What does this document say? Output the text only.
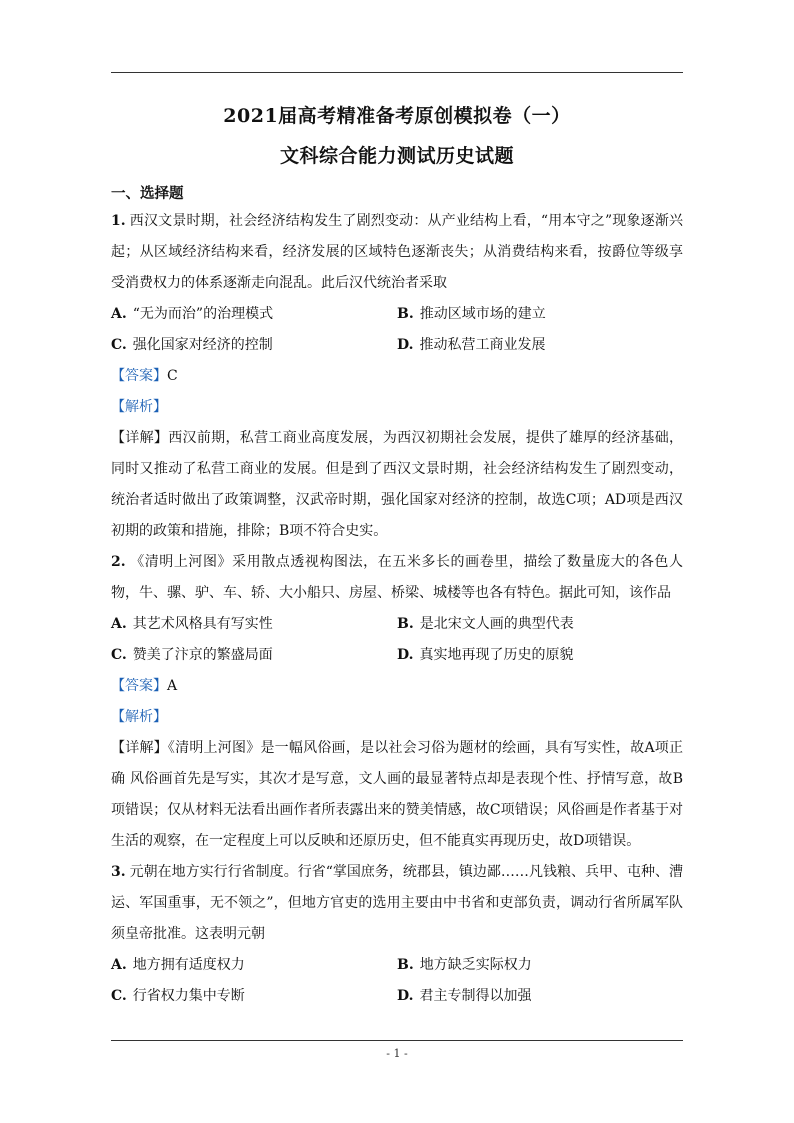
2021届高考精准备考原创模拟卷（一）
文科综合能力测试历史试题
一、选择题

1. 西汉文景时期，社会经济结构发生了剧烈变动：从产业结构上看，“用本守之”现象逐渐兴起；从区域经济结构来看，经济发展的区域特色逐渐丧失；从消费结构来看，按爵位等级享受消费权力的体系逐渐走向混乱。此后汉代统治者采取

A. “无为而治”的治理模式	B. 推动区域市场的建立
C. 强化国家对经济的控制	D. 推动私营工商业发展

【答案】C

【解析】

【详解】西汉前期，私营工商业高度发展，为西汉初期社会发展，提供了雄厚的经济基础，同时又推动了私营工商业的发展。但是到了西汉文景时期，社会经济结构发生了剧烈变动，统治者适时做出了政策调整，汉武帝时期，强化国家对经济的控制，故选C项；AD项是西汉初期的政策和措施，排除；B项不符合史实。

2. 《清明上河图》采用散点透视构图法，在五米多长的画卷里，描绘了数量庞大的各色人物，牛、骡、驴、车、轿、大小船只、房屋、桥梁、城楼等也各有特色。据此可知，该作品

A. 其艺术风格具有写实性	B. 是北宋文人画的典型代表
C. 赞美了汴京的繁盛局面	D. 真实地再现了历史的原貌

【答案】A

【解析】

【详解】《清明上河图》是一幅风俗画，是以社会习俗为题材的绘画，具有写实性，故A项正确 风俗画首先是写实，其次才是写意，文人画的最显著特点却是表现个性、抒情写意，故B项错误；仅从材料无法看出画作者所表露出来的赞美情感，故C项错误；风俗画是作者基于对生活的观察，在一定程度上可以反映和还原历史，但不能真实再现历史，故D项错误。

3. 元朝在地方实行行省制度。行省“掌国庶务，统郡县，镇边鄙……凡钱粮、兵甲、屯种、漕运、军国重事，无不领之”，但地方官吏的选用主要由中书省和吏部负责，调动行省所属军队须皇帝批准。这表明元朝

A. 地方拥有适度权力	B. 地方缺乏实际权力
C. 行省权力集中专断	D. 君主专制得以加强
- 1 -
